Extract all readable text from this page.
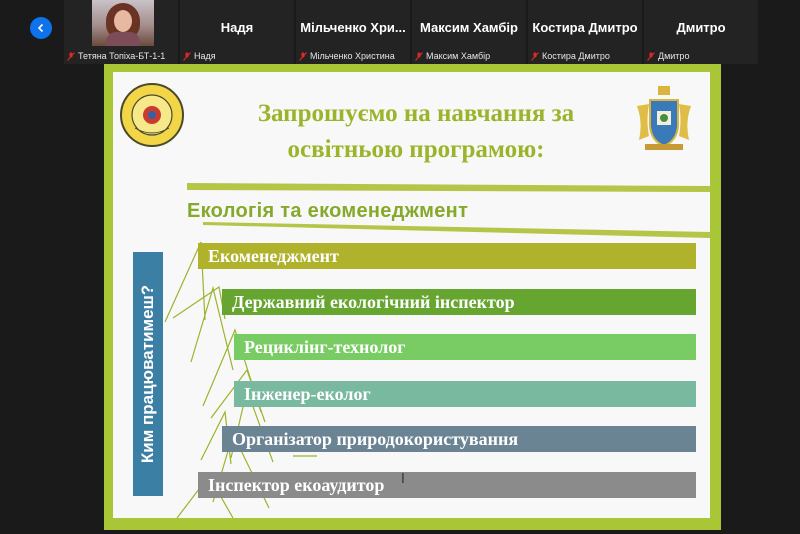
Тетяна Топіха-БТ-1-1
Надя
Надя
Мільченко Хри...
Мільченко Христина
Максим Хамбір
Максим Хамбір
Костира Дмитро
Костира Дмитро
Дмитро
Дмитро
Запрошуємо на навчання за
освітньою програмою:
Екологія та екоменеджмент
Ким працюватимеш?
Екоменеджмент
Державний екологічний інспектор
Рециклінг-технолог
Інженер-еколог
Організатор природокористування
Інспектор екоаудитор	I
